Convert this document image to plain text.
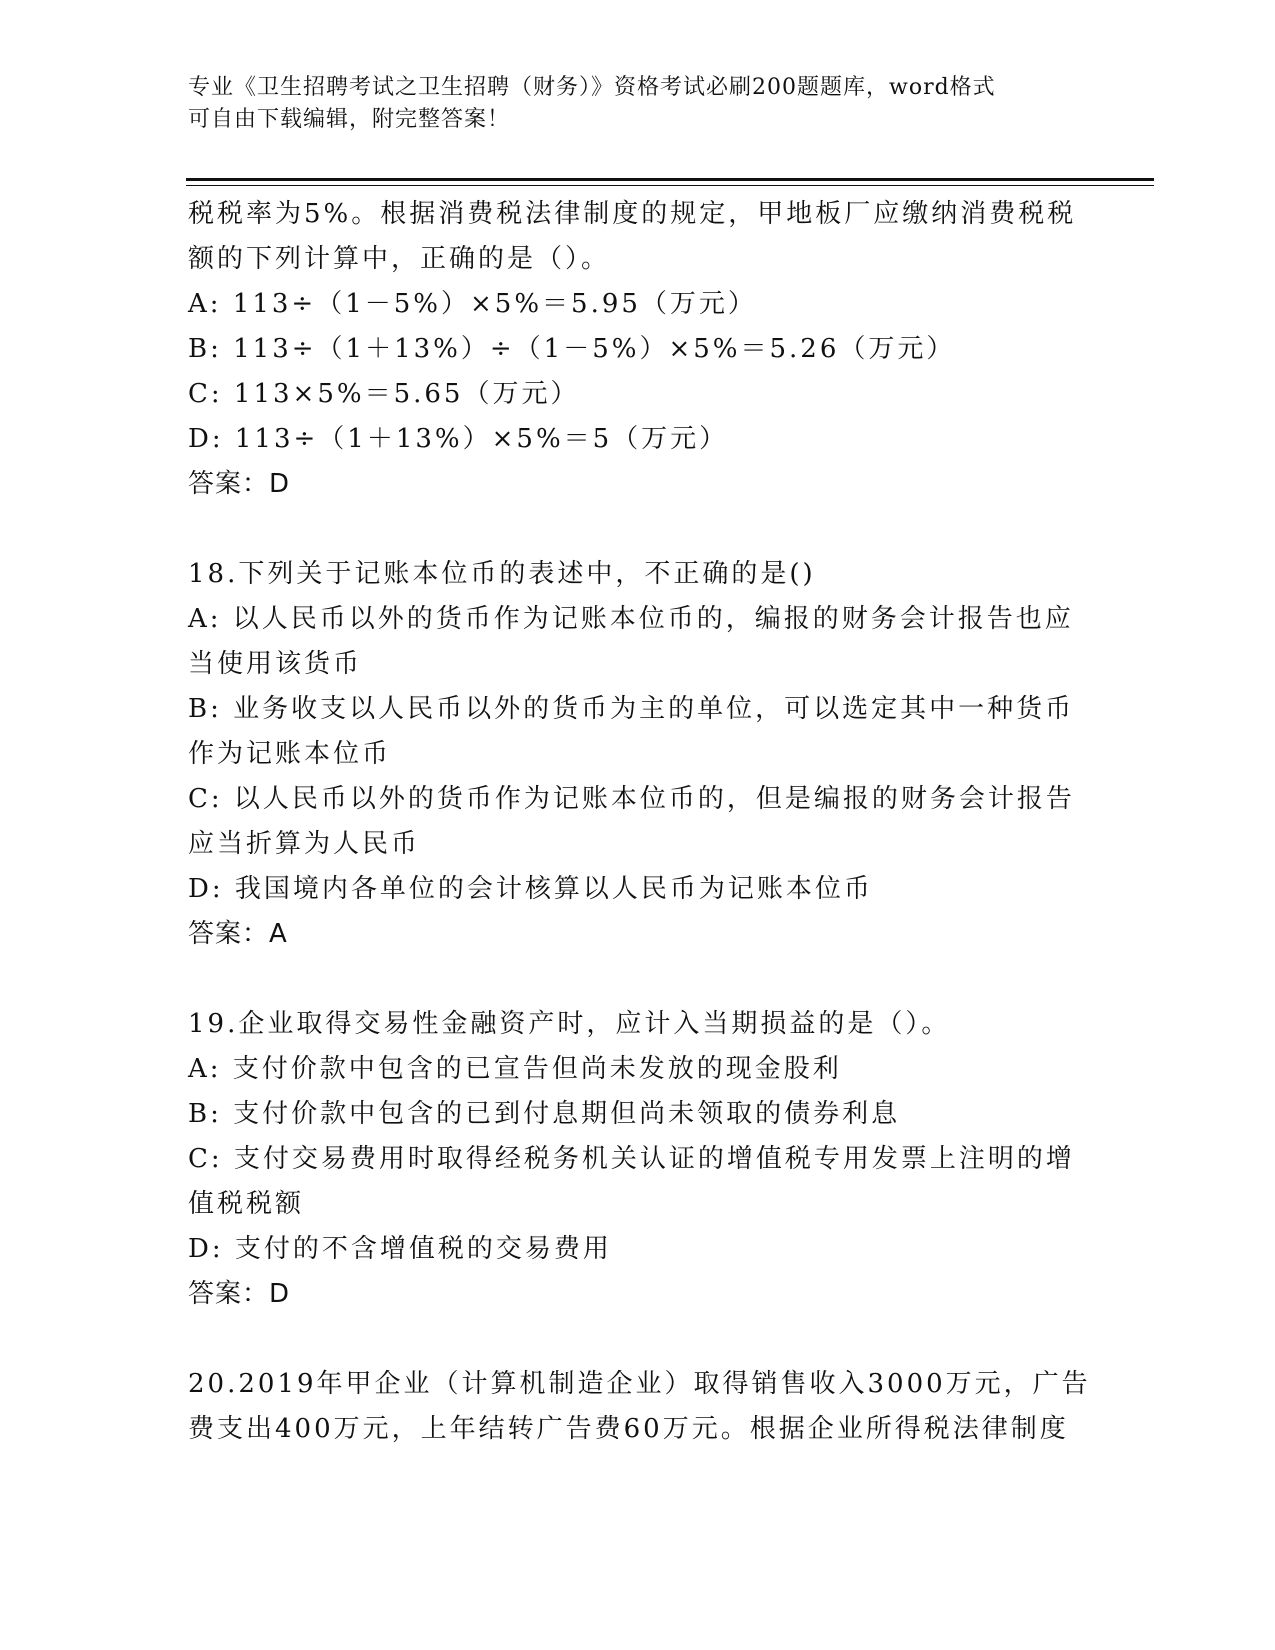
专业《卫生招聘考试之卫生招聘（财务）》资格考试必刷200题题库，word格式
可自由下载编辑，附完整答案！
税税率为5%。根据消费税法律制度的规定，甲地板厂应缴纳消费税税
额的下列计算中，正确的是（）。
A: 113÷（1－5%）×5%＝5.95（万元）
B: 113÷（1＋13%）÷（1－5%）×5%＝5.26（万元）
C: 113×5%＝5.65（万元）
D: 113÷（1＋13%）×5%＝5（万元）
答案：D
18.下列关于记账本位币的表述中，不正确的是()
A: 以人民币以外的货币作为记账本位币的，编报的财务会计报告也应
当使用该货币
B: 业务收支以人民币以外的货币为主的单位，可以选定其中一种货币
作为记账本位币
C: 以人民币以外的货币作为记账本位币的，但是编报的财务会计报告
应当折算为人民币
D: 我国境内各单位的会计核算以人民币为记账本位币
答案：A
19.企业取得交易性金融资产时，应计入当期损益的是（）。
A: 支付价款中包含的已宣告但尚未发放的现金股利
B: 支付价款中包含的已到付息期但尚未领取的债券利息
C: 支付交易费用时取得经税务机关认证的增值税专用发票上注明的增
值税税额
D: 支付的不含增值税的交易费用
答案：D
20.2019年甲企业（计算机制造企业）取得销售收入3000万元，广告
费支出400万元，上年结转广告费60万元。根据企业所得税法律制度
